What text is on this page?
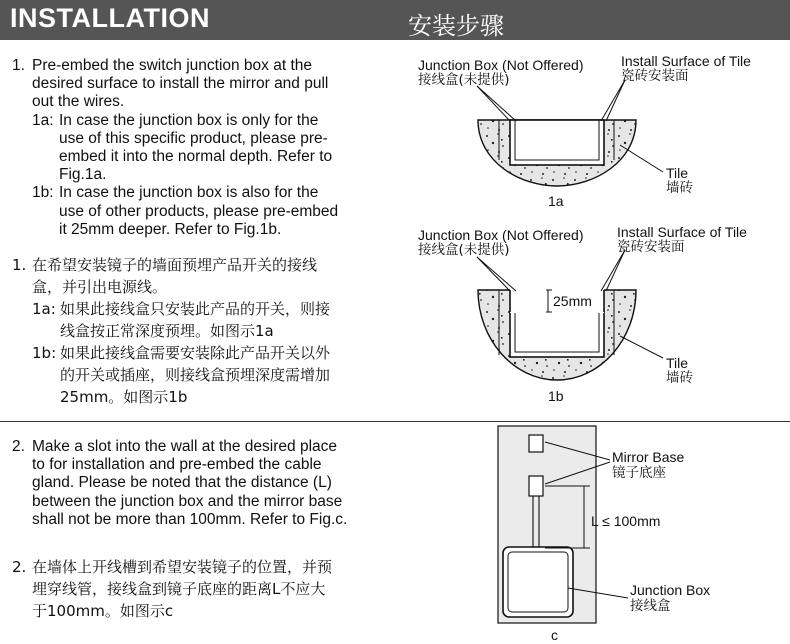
INSTALLATION	安装步骤
1. Pre-embed the switch junction box at the
desired surface to install the mirror and pull
out the wires.
1a: In case the junction box is only for the
use of this specific product, please pre-
embed it into the normal depth. Refer to
Fig.1a.
1b: In case the junction box is also for the
use of other products, please pre-embed
it 25mm deeper. Refer to Fig.1b.
1. 在希望安装镜子的墙面预埋产品开关的接线
盒，并引出电源线。
1a: 如果此接线盒只安装此产品的开关，则接
线盒按正常深度预埋。如图示1a
1b: 如果此接线盒需要安装除此产品开关以外
的开关或插座，则接线盒预埋深度需增加
25mm。如图示1b
2. Make a slot into the wall at the desired place
to for installation and pre-embed the cable
gland. Please be noted that the distance (L)
between the junction box and the mirror base
shall not be more than 100mm. Refer to Fig.c.
2. 在墙体上开线槽到希望安装镜子的位置，并预
埋穿线管，接线盒到镜子底座的距离L不应大
于100mm。如图示c
Junction Box (Not Offered)
接线盒(未提供)
Install Surface of Tile
瓷砖安装面
Tile
墙砖
1a
Junction Box (Not Offered)
接线盒(未提供)
Install Surface of Tile
瓷砖安装面
25mm
Tile
墙砖
1b
Mirror Base
镜子底座
L ≤ 100mm
Junction Box
接线盒
c
